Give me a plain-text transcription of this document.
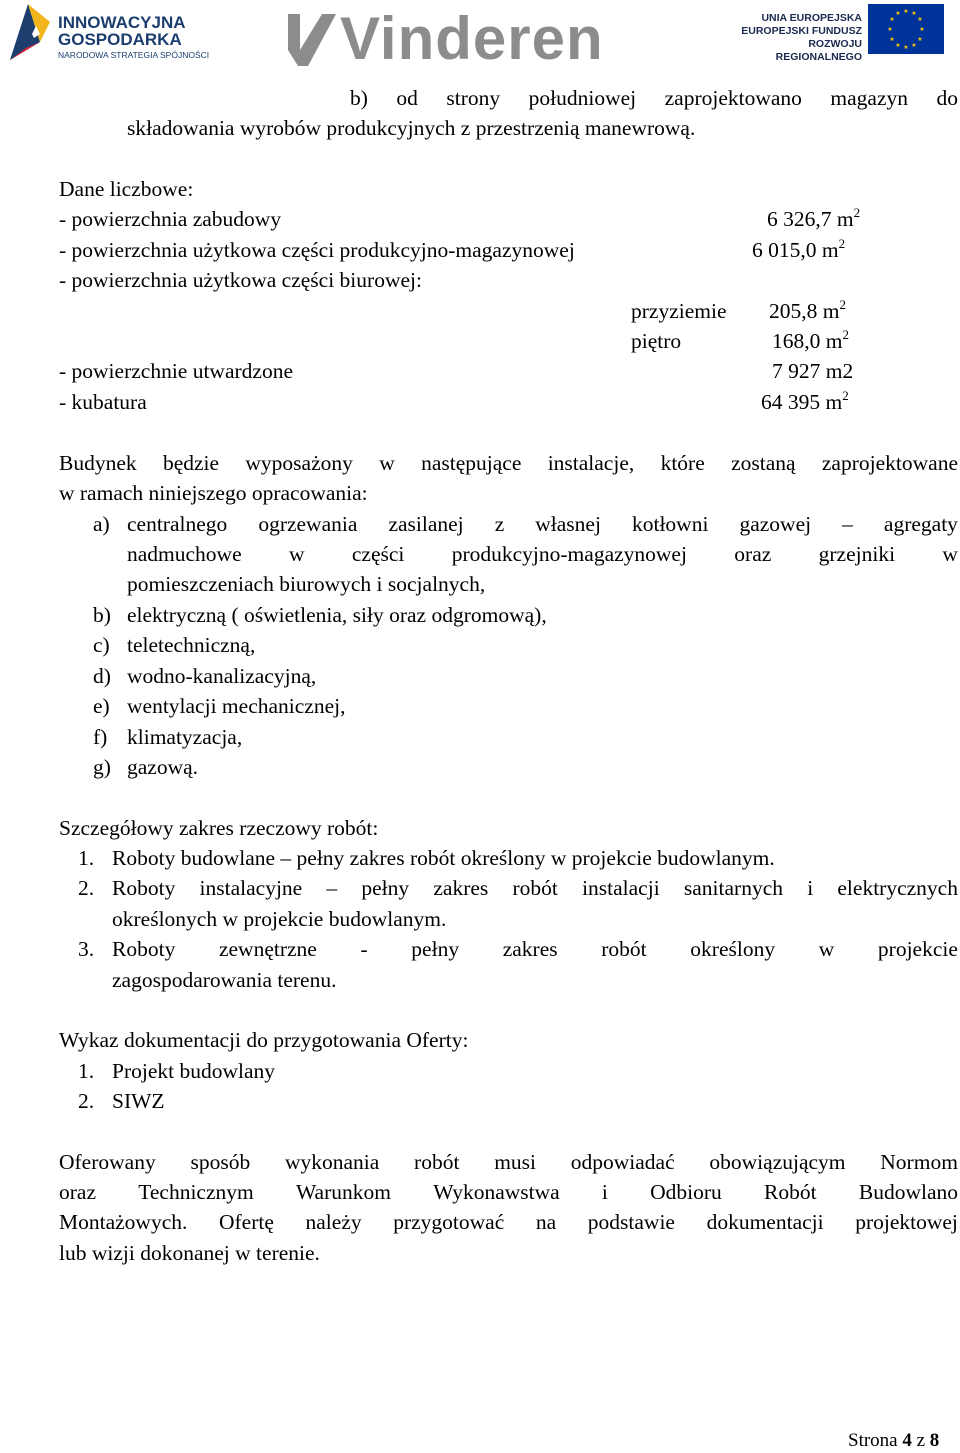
INNOWACYJNA
GOSPODARKA
NARODOWA STRATEGIA SPÓJNOŚCI Vinderen	UNIA EUROPEJSKA
EUROPEJSKI FUNDUSZ
ROZWOJU REGIONALNEGO
★ ★
★
★
★
★
★
★
★
★
★
★
b) od strony południowej zaprojektowano magazyn do
składowania wyrobów produkcyjnych z przestrzenią manewrową.
Dane liczbowe:
- powierzchnia zabudowy	6 326,7 $m^2$
- powierzchnia użytkowa części produkcyjno-magazynowej	6 015,0 $m^2$
- powierzchnia użytkowa części biurowej:
przyziemie 205,8 $m^2$
piętro	168,0 $m^2$
- powierzchnie utwardzone	7 927 m2
- kubatura	64 395 $m^2$
Budynek będzie wyposażony w następujące instalacje, które zostaną zaprojektowane
w ramach niniejszego opracowania:
a) centralnego ogrzewania zasilanej z własnej kotłowni gazowej – agregaty
nadmuchowe w części produkcyjno-magazynowej oraz grzejniki w
pomieszczeniach biurowych i socjalnych,
b) elektryczną ( oświetlenia, siły oraz odgromową),
c) teletechniczną,
d) wodno-kanalizacyjną,
e) wentylacji mechanicznej,
f) klimatyzacja,
g) gazową.
Szczegółowy zakres rzeczowy robót:
1. Roboty budowlane – pełny zakres robót określony w projekcie budowlanym.
2. Roboty instalacyjne – pełny zakres robót instalacji sanitarnych i elektrycznych
określonych w projekcie budowlanym.
3. Roboty zewnętrzne - pełny zakres robót określony w projekcie
zagospodarowania terenu.
Wykaz dokumentacji do przygotowania Oferty:
1. Projekt budowlany
2. SIWZ
Oferowany sposób wykonania robót musi odpowiadać obowiązującym Normom
oraz Technicznym Warunkom Wykonawstwa i Odbioru Robót Budowlano
Montażowych. Ofertę należy przygotować na podstawie dokumentacji projektowej
lub wizji dokonanej w terenie.
Strona 4 z 8
